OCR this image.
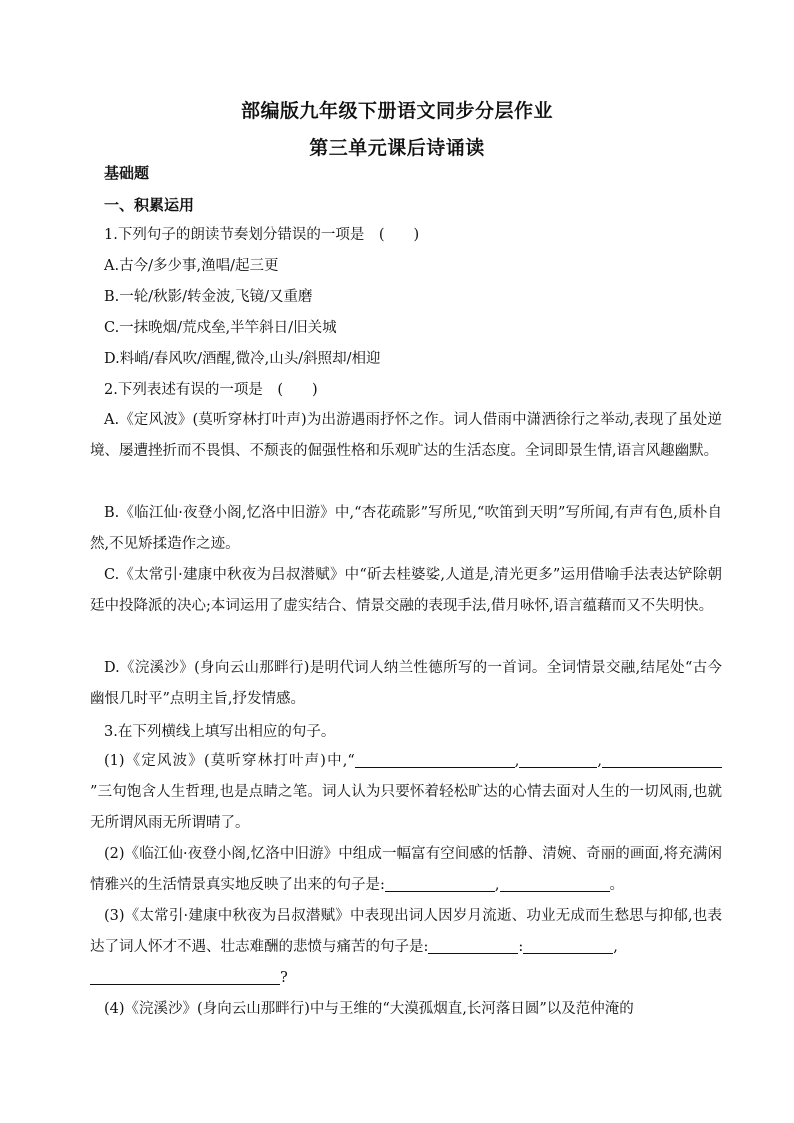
部编版九年级下册语文同步分层作业
第三单元课后诗诵读
基础题
一、积累运用
1.下列句子的朗读节奏划分错误的一项是　(　　)
A.古今/多少事,渔唱/起三更
B.一轮/秋影/转金波,飞镜/又重磨
C.一抹晚烟/荒戍垒,半竿斜日/旧关城
D.料峭/春风吹/酒醒,微冷,山头/斜照却/相迎
2.下列表述有误的一项是　(　　)
A.《定风波》(莫听穿林打叶声)为出游遇雨抒怀之作。词人借雨中潇洒徐行之举动,表现了虽处逆境、屡遭挫折而不畏惧、不颓丧的倔强性格和乐观旷达的生活态度。全词即景生情,语言风趣幽默。
B.《临江仙·夜登小阁,忆洛中旧游》中,“杏花疏影”写所见,“吹笛到天明”写所闻,有声有色,质朴自然,不见矫揉造作之迹。
C.《太常引·建康中秋夜为吕叔潜赋》中“斫去桂婆娑,人道是,清光更多”运用借喻手法表达铲除朝廷中投降派的决心;本词运用了虚实结合、情景交融的表现手法,借月咏怀,语言蕴藉而又不失明快。
D.《浣溪沙》(身向云山那畔行)是明代词人纳兰性德所写的一首词。全词情景交融,结尾处“古今幽恨几时平”点明主旨,抒发情感。
3.在下列横线上填写出相应的句子。
(1)《定风波》(莫听穿林打叶声)中,“	,	,”三句饱含人生哲理,也是点睛之笔。词人认为只要怀着轻松旷达的心情去面对人生的一切风雨,也就无所谓风雨无所谓晴了。
(2)《临江仙·夜登小阁,忆洛中旧游》中组成一幅富有空间感的恬静、清婉、奇丽的画面,将充满闲情雅兴的生活情景真实地反映了出来的句子是:	,	。
(3)《太常引·建康中秋夜为吕叔潜赋》中表现出词人因岁月流逝、功业无成而生愁思与抑郁,也表达了词人怀才不遇、壮志难酬的悲愤与痛苦的句子是:	:	,
?
(4)《浣溪沙》(身向云山那畔行)中与王维的“大漠孤烟直,长河落日圆”以及范仲淹的
